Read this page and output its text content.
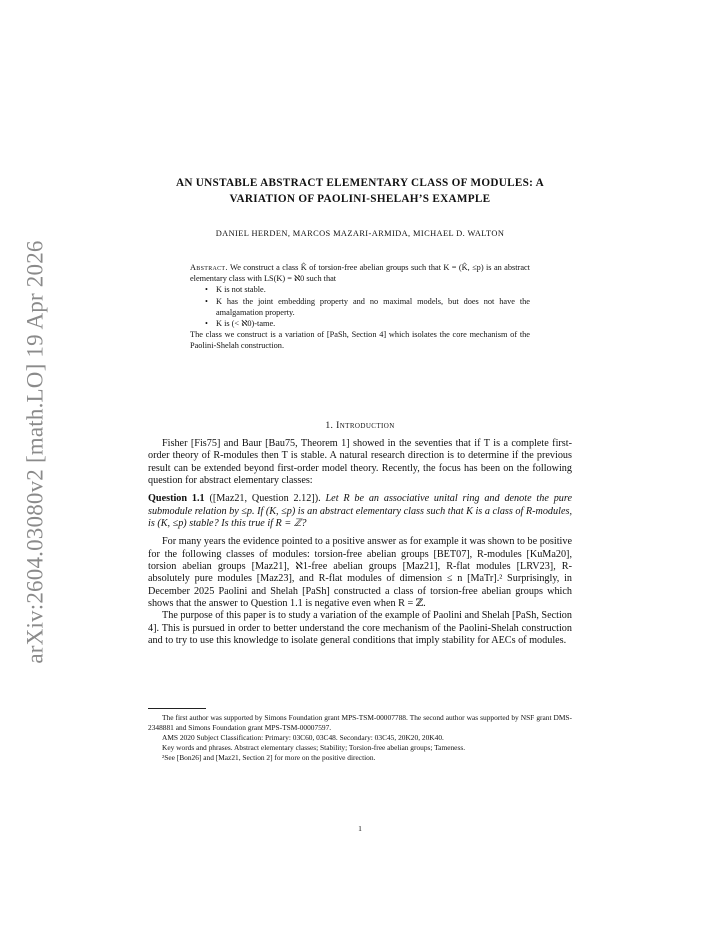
arXiv:2604.03080v2 [math.LO] 19 Apr 2026
AN UNSTABLE ABSTRACT ELEMENTARY CLASS OF MODULES: A VARIATION OF PAOLINI-SHELAH’S EXAMPLE
DANIEL HERDEN, MARCOS MAZARI-ARMIDA, MICHAEL D. WALTON
Abstract. We construct a class K̂ of torsion-free abelian groups such that K = (K̂, ≤p) is an abstract elementary class with LS(K) = ℵ0 such that
• K is not stable.
• K has the joint embedding property and no maximal models, but does not have the amalgamation property.
• K is (< ℵ0)-tame.
The class we construct is a variation of [PaSh, Section 4] which isolates the core mechanism of the Paolini-Shelah construction.
1. Introduction

Fisher [Fis75] and Baur [Bau75, Theorem 1] showed in the seventies that if T is a complete first-order theory of R-modules then T is stable. A natural research direction is to determine if the previous result can be extended beyond first-order model theory. Recently, the focus has been on the following question for abstract elementary classes:

Question 1.1 ([Maz21, Question 2.12]). Let R be an associative unital ring and denote the pure submodule relation by ≤p. If (K, ≤p) is an abstract elementary class such that K is a class of R-modules, is (K, ≤p) stable? Is this true if R = ℤ?

For many years the evidence pointed to a positive answer as for example it was shown to be positive for the following classes of modules: torsion-free abelian groups [BET07], R-modules [KuMa20], torsion abelian groups [Maz21], ℵ1-free abelian groups [Maz21], R-flat modules [LRV23], R-absolutely pure modules [Maz23], and R-flat modules of dimension ≤ n [MaTr].² Surprisingly, in December 2025 Paolini and Shelah [PaSh] constructed a class of torsion-free abelian groups which shows that the answer to Question 1.1 is negative even when R = ℤ.

The purpose of this paper is to study a variation of the example of Paolini and Shelah [PaSh, Section 4]. This is pursued in order to better understand the core mechanism of the Paolini-Shelah construction and to try to use this knowledge to isolate general conditions that imply stability for AECs of modules.

The first author was supported by Simons Foundation grant MPS-TSM-00007788. The second author was supported by NSF grant DMS-2348881 and Simons Foundation grant MPS-TSM-00007597.

AMS 2020 Subject Classification: Primary: 03C60, 03C48. Secondary: 03C45, 20K20, 20K40.

Key words and phrases. Abstract elementary classes; Stability; Torsion-free abelian groups; Tameness.

²See [Bon26] and [Maz21, Section 2] for more on the positive direction.

1
